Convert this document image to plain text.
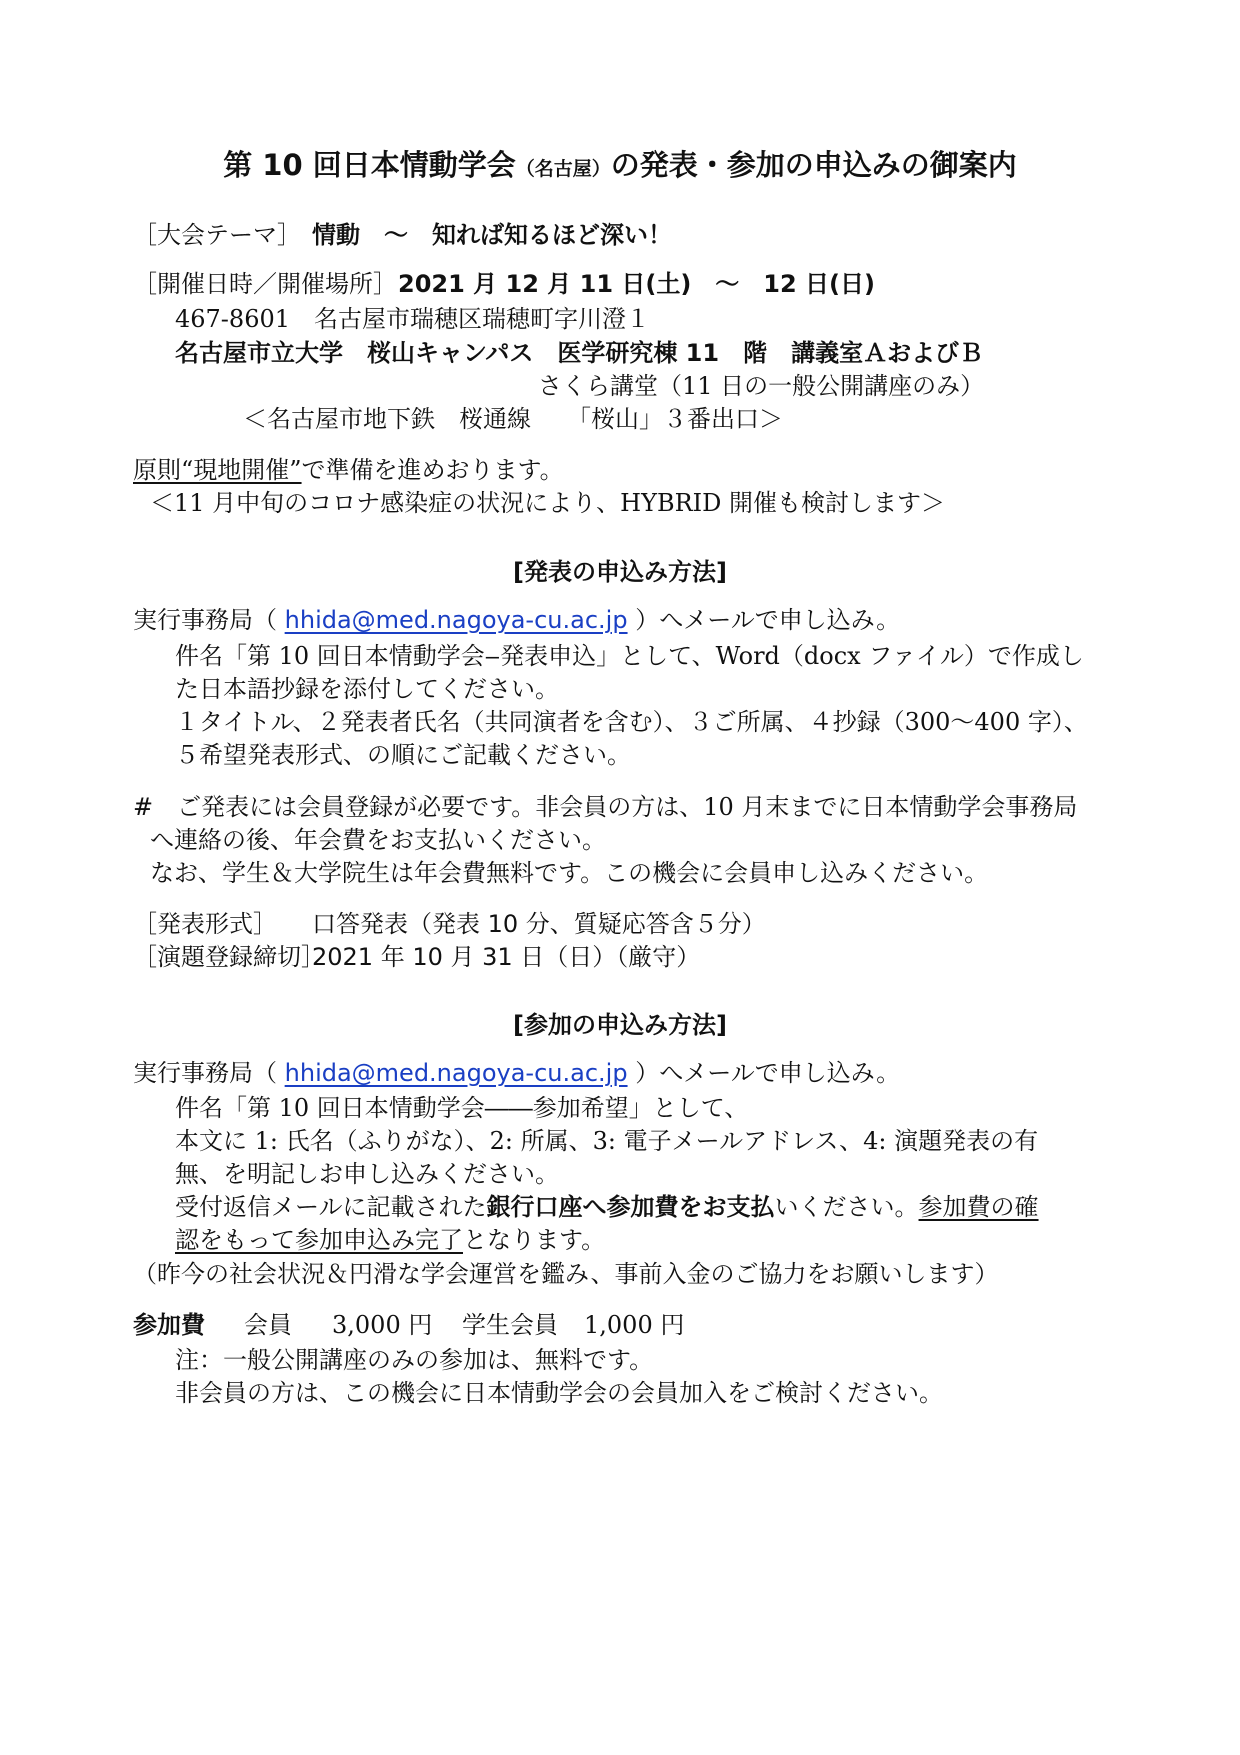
第 10 回日本情動学会（名古屋）の発表・参加の申込みの御案内
［大会テーマ］ 情動　～　知れば知るほど深い！
［開催日時／開催場所］ 2021 月 12 月 11 日(土)　～　12 日(日)
467-8601　名古屋市瑞穂区瑞穂町字川澄１
名古屋市立大学　桜山キャンパス　医学研究棟 11　階　講義室ＡおよびＢ
さくら講堂（11 日の一般公開講座のみ）
＜名古屋市地下鉄　桜通線　　「桜山」３番出口＞
原則“現地開催”で準備を進めおります。
＜11 月中旬のコロナ感染症の状況により、HYBRID 開催も検討します＞
[発表の申込み方法]
実行事務局（ hhida@med.nagoya-cu.ac.jp ）へメールで申し込み。
件名「第 10 回日本情動学会‒発表申込」として、Word（docx ファイル）で作成し
た日本語抄録を添付してください。
１タイトル、２発表者氏名（共同演者を含む）、３ご所属、４抄録（300～400 字）、
５希望発表形式、の順にご記載ください。
#　ご発表には会員登録が必要です。非会員の方は、10 月末までに日本情動学会事務局
へ連絡の後、年会費をお支払いください。
なお、学生＆大学院生は年会費無料です。この機会に会員申し込みください。
［発表形式］ 口答発表（発表 10 分、質疑応答含５分）
［演題登録締切］
2021 年 10 月 31 日（日）（厳守）
[参加の申込み方法]
実行事務局（ hhida@med.nagoya-cu.ac.jp ）へメールで申し込み。
件名「第 10 回日本情動学会――参加希望」として、
本文に 1: 氏名（ふりがな）、2: 所属、3: 電子メールアドレス、4: 演題発表の有
無、を明記しお申し込みください。
受付返信メールに記載された銀行口座へ参加費をお支払いください。参加費の確
認をもって参加申込み完了となります。
（昨今の社会状況＆円滑な学会運営を鑑み、事前入金のご協力をお願いします）
参加費 会員 3,000 円 学生会員 1,000 円
注：一般公開講座のみの参加は、無料です。
非会員の方は、この機会に日本情動学会の会員加入をご検討ください。
